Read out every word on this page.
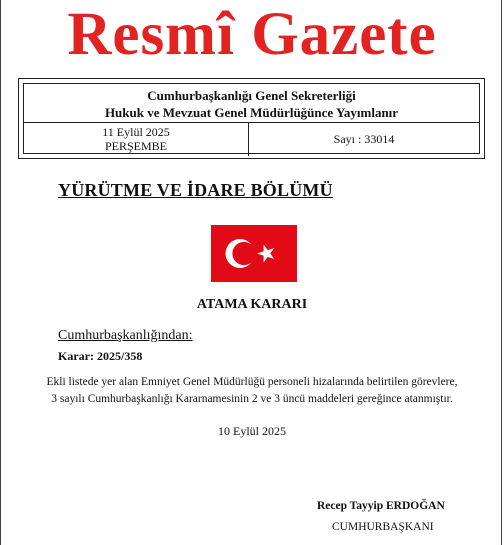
Resmî Gazete
Cumhurbaşkanlığı Genel Sekreterliği
Hukuk ve Mevzuat Genel Müdürlüğünce Yayımlanır
11 Eylül 2025
PERŞEMBE	Sayı : 33014
YÜRÜTME VE İDARE BÖLÜMÜ
ATAMA KARARI
Cumhurbaşkanlığından:
Karar: 2025/358
Ekli listede yer alan Emniyet Genel Müdürlüğü personeli hizalarında belirtilen görevlere,
3 sayılı Cumhurbaşkanlığı Kararnamesinin 2 ve 3 üncü maddeleri gereğince atanmıştır.
10 Eylül 2025
Recep Tayyip ERDOĞAN
CUMHURBAŞKANI
